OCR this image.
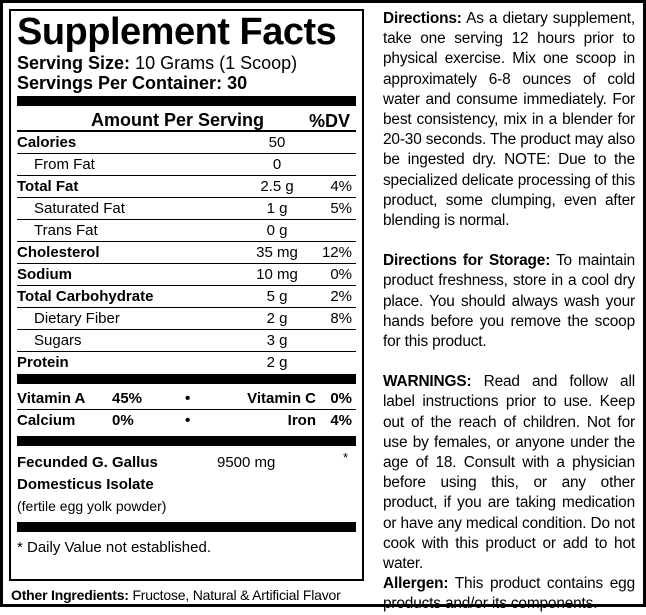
Supplement Facts
Serving Size: 10 Grams (1 Scoop)
Servings Per Container: 30
Amount Per Serving %DV
Calories	50
From Fat	0
Total Fat	2.5 g	4%
Saturated Fat	1 g	5%
Trans Fat	0 g
Cholesterol	35 mg	12%
Sodium	10 mg	0%
Total Carbohydrate	5 g	2%
Dietary Fiber	2 g	8%
Sugars	3 g
Protein	2 g
Vitamin A 45%	•	Vitamin C 0%
Calcium 0%	•	Iron 4%
Fecunded G. Gallus
Domesticus Isolate
(fertile egg yolk powder)
9500 mg	*
* Daily Value not established.
Other Ingredients: Fructose, Natural & Artificial Flavor

Directions: As a dietary supplement, take one serving 12 hours prior to physical exercise. Mix one scoop in approximately 6-8 ounces of cold water and consume immediately. For best consistency, mix in a blender for 20-30 seconds. The product may also be ingested dry. NOTE: Due to the specialized delicate processing of this product, some clumping, even after blending is normal.

Directions for Storage: To maintain product freshness, store in a cool dry place. You should always wash your hands before you remove the scoop for this product.

WARNINGS: Read and follow all label instructions prior to use. Keep out of the reach of children. Not for use by females, or anyone under the age of 18. Consult with a physician before using this, or any other product, if you are taking medication or have any medical condition. Do not cook with this product or add to hot water.

Allergen: This product contains egg products and/or its components.
